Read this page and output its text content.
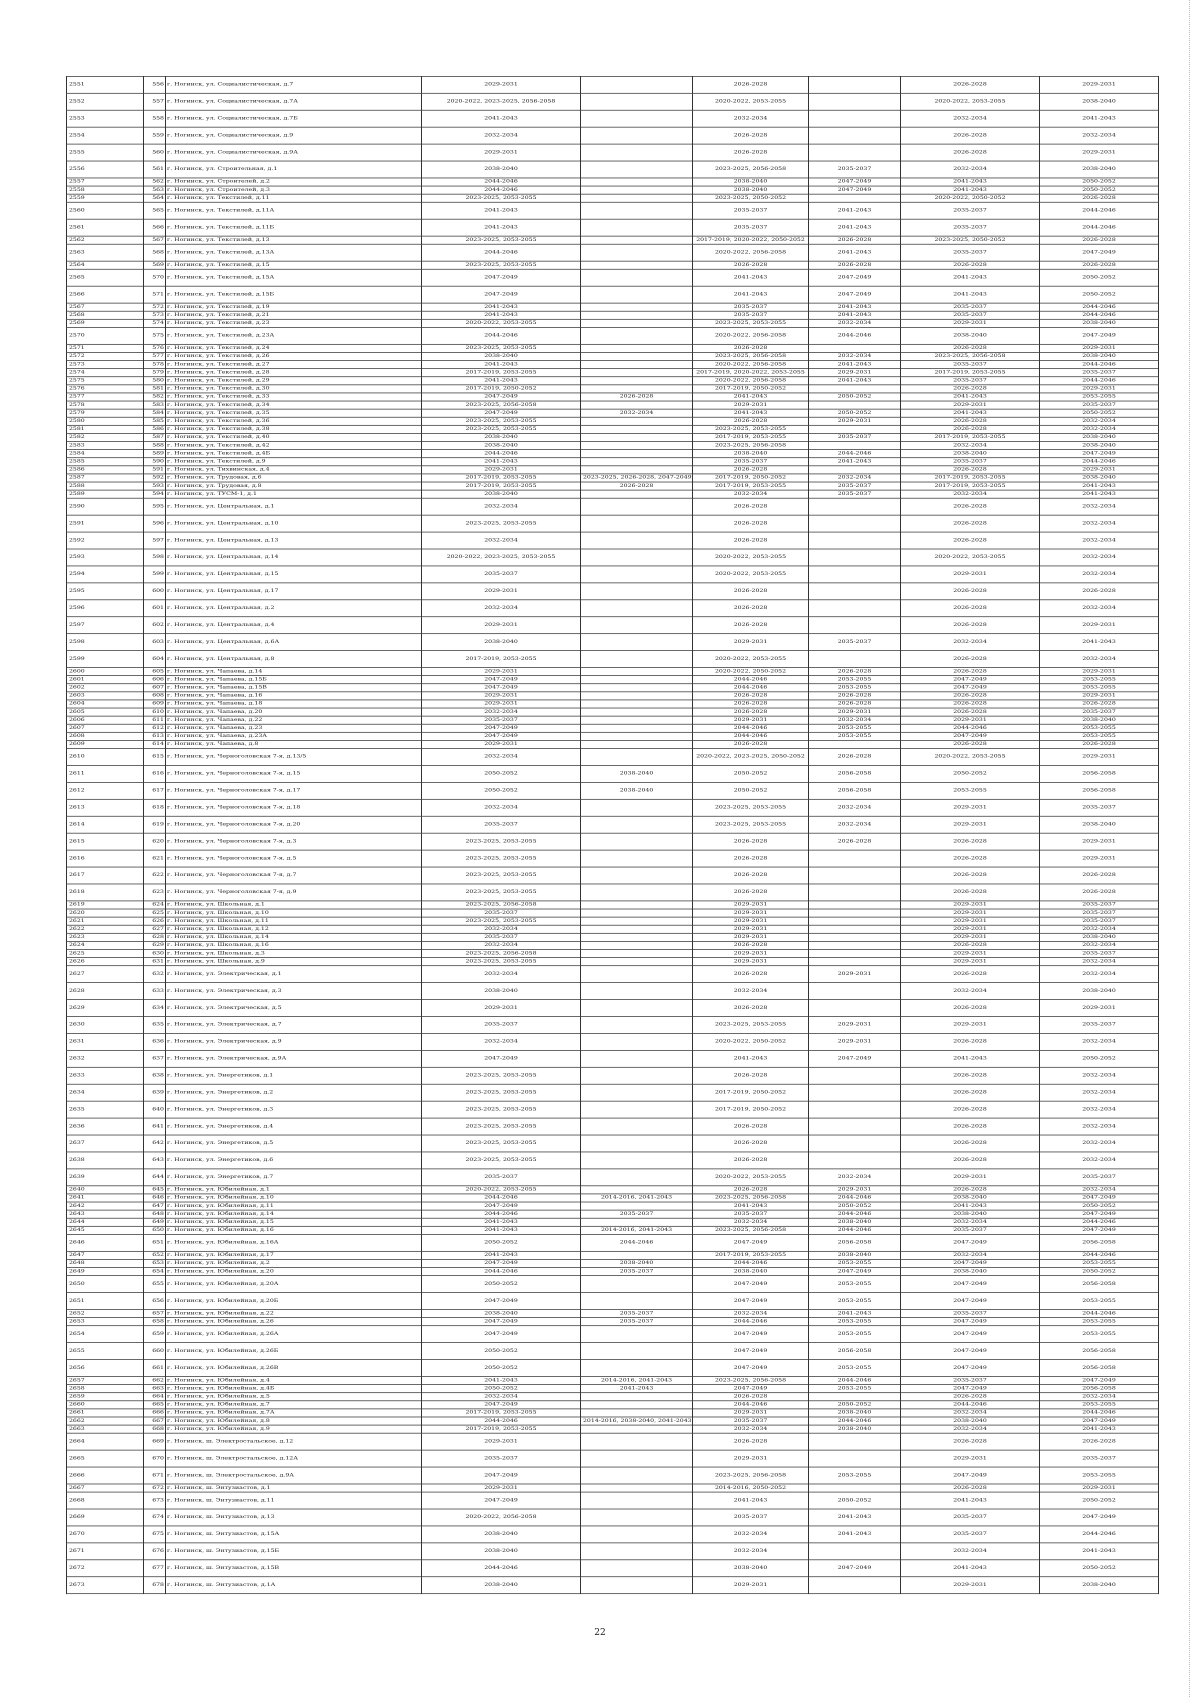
2551	556	г. Ногинск, ул. Социалистическая, д.7	2029-2031		2026-2028		2026-2028	2029-2031
2552	557	г. Ногинск, ул. Социалистическая, д.7А	2020-2022, 2023-2025, 2056-2058		2020-2022, 2053-2055		2020-2022, 2053-2055	2038-2040
2553	558	г. Ногинск, ул. Социалистическая, д.7Б	2041-2043		2032-2034		2032-2034	2041-2043
2554	559	г. Ногинск, ул. Социалистическая, д.9	2032-2034		2026-2028		2026-2028	2032-2034
2555	560	г. Ногинск, ул. Социалистическая, д.9А	2029-2031		2026-2028		2026-2028	2029-2031
2556	561	г. Ногинск, ул. Строительная, д.1	2038-2040		2023-2025, 2056-2058	2035-2037	2032-2034	2038-2040
2557	562	г. Ногинск, ул. Строителей, д.2	2044-2046		2038-2040	2047-2049	2041-2043	2050-2052
2558	563	г. Ногинск, ул. Строителей, д.3	2044-2046		2038-2040	2047-2049	2041-2043	2050-2052
2559	564	г. Ногинск, ул. Текстилей, д.11	2023-2025, 2053-2055		2023-2025, 2050-2052		2020-2022, 2050-2052	2026-2028
2560	565	г. Ногинск, ул. Текстилей, д.11А	2041-2043		2035-2037	2041-2043	2035-2037	2044-2046
2561	566	г. Ногинск, ул. Текстилей, д.11Б	2041-2043		2035-2037	2041-2043	2035-2037	2044-2046
2562	567	г. Ногинск, ул. Текстилей, д.13	2023-2025, 2053-2055		2017-2019, 2020-2022, 2050-2052	2026-2028	2023-2025, 2050-2052	2026-2028
2563	568	г. Ногинск, ул. Текстилей, д.13А	2044-2046		2020-2022, 2056-2058	2041-2043	2035-2037	2047-2049
2564	569	г. Ногинск, ул. Текстилей, д.15	2023-2025, 2053-2055		2026-2028	2026-2028	2026-2028	2026-2028
2565	570	г. Ногинск, ул. Текстилей, д.15А	2047-2049		2041-2043	2047-2049	2041-2043	2050-2052
2566	571	г. Ногинск, ул. Текстилей, д.15Б	2047-2049		2041-2043	2047-2049	2041-2043	2050-2052
2567	572	г. Ногинск, ул. Текстилей, д.19	2041-2043		2035-2037	2041-2043	2035-2037	2044-2046
2568	573	г. Ногинск, ул. Текстилей, д.21	2041-2043		2035-2037	2041-2043	2035-2037	2044-2046
2569	574	г. Ногинск, ул. Текстилей, д.23	2020-2022, 2053-2055		2023-2025, 2053-2055	2032-2034	2029-2031	2038-2040
2570	575	г. Ногинск, ул. Текстилей, д.23А	2044-2046		2020-2022, 2056-2058	2044-2046	2038-2040	2047-2049
2571	576	г. Ногинск, ул. Текстилей, д.24	2023-2025, 2053-2055		2026-2028		2026-2028	2029-2031
2572	577	г. Ногинск, ул. Текстилей, д.26	2038-2040		2023-2025, 2056-2058	2032-2034	2023-2025, 2056-2058	2038-2040
2573	578	г. Ногинск, ул. Текстилей, д.27	2041-2043		2020-2022, 2056-2058	2041-2043	2035-2037	2044-2046
2574	579	г. Ногинск, ул. Текстилей, д.28	2017-2019, 2053-2055		2017-2019, 2020-2022, 2053-2055	2029-2031	2017-2019, 2053-2055	2035-2037
2575	580	г. Ногинск, ул. Текстилей, д.29	2041-2043		2020-2022, 2056-2058	2041-2043	2035-2037	2044-2046
2576	581	г. Ногинск, ул. Текстилей, д.30	2017-2019, 2050-2052		2017-2019, 2050-2052		2026-2028	2029-2031
2577	582	г. Ногинск, ул. Текстилей, д.33	2047-2049	2026-2028	2041-2043	2050-2052	2041-2043	2053-2055
2578	583	г. Ногинск, ул. Текстилей, д.34	2023-2025, 2056-2058		2029-2031		2029-2031	2035-2037
2579	584	г. Ногинск, ул. Текстилей, д.35	2047-2049	2032-2034	2041-2043	2050-2052	2041-2043	2050-2052
2580	585	г. Ногинск, ул. Текстилей, д.36	2023-2025, 2053-2055		2026-2028	2029-2031	2026-2028	2032-2034
2581	586	г. Ногинск, ул. Текстилей, д.38	2023-2025, 2053-2055		2023-2025, 2053-2055		2026-2028	2032-2034
2582	587	г. Ногинск, ул. Текстилей, д.40	2038-2040		2017-2019, 2053-2055	2035-2037	2017-2019, 2053-2055	2038-2040
2583	588	г. Ногинск, ул. Текстилей, д.42	2038-2040		2023-2025, 2056-2058		2032-2034	2038-2040
2584	589	г. Ногинск, ул. Текстилей, д.4Б	2044-2046		2038-2040	2044-2046	2038-2040	2047-2049
2585	590	г. Ногинск, ул. Текстилей, д.9	2041-2043		2035-2037	2041-2043	2035-2037	2044-2046
2586	591	г. Ногинск, ул. Тихвинская, д.4	2029-2031		2026-2028		2026-2028	2029-2031
2587	592	г. Ногинск, ул. Трудовая, д.6	2017-2019, 2053-2055	2023-2025, 2026-2028, 2047-2049	2017-2019, 2050-2052	2032-2034	2017-2019, 2053-2055	2038-2040
2588	593	г. Ногинск, ул. Трудовая, д.8	2017-2019, 2053-2055	2026-2028	2017-2019, 2053-2055	2035-2037	2017-2019, 2053-2055	2041-2043
2589	594	г. Ногинск, ул. ТУСМ-1, д.1	2038-2040		2032-2034	2035-2037	2032-2034	2041-2043
2590	595	г. Ногинск, ул. Центральная, д.1	2032-2034		2026-2028		2026-2028	2032-2034
2591	596	г. Ногинск, ул. Центральная, д.10	2023-2025, 2053-2055		2026-2028		2026-2028	2032-2034
2592	597	г. Ногинск, ул. Центральная, д.13	2032-2034		2026-2028		2026-2028	2032-2034
2593	598	г. Ногинск, ул. Центральная, д.14	2020-2022, 2023-2025, 2053-2055		2020-2022, 2053-2055		2020-2022, 2053-2055	2032-2034
2594	599	г. Ногинск, ул. Центральная, д.15	2035-2037		2020-2022, 2053-2055		2029-2031	2032-2034
2595	600	г. Ногинск, ул. Центральная, д.17	2029-2031		2026-2028		2026-2028	2026-2028
2596	601	г. Ногинск, ул. Центральная, д.2	2032-2034		2026-2028		2026-2028	2032-2034
2597	602	г. Ногинск, ул. Центральная, д.4	2029-2031		2026-2028		2026-2028	2029-2031
2598	603	г. Ногинск, ул. Центральная, д.6А	2038-2040		2029-2031	2035-2037	2032-2034	2041-2043
2599	604	г. Ногинск, ул. Центральная, д.8	2017-2019, 2053-2055		2020-2022, 2053-2055		2026-2028	2032-2034
2600	605	г. Ногинск, ул. Чапаева, д.14	2029-2031		2020-2022, 2050-2052	2026-2028	2026-2028	2029-2031
2601	606	г. Ногинск, ул. Чапаева, д.15Б	2047-2049		2044-2046	2053-2055	2047-2049	2053-2055
2602	607	г. Ногинск, ул. Чапаева, д.15В	2047-2049		2044-2046	2053-2055	2047-2049	2053-2055
2603	608	г. Ногинск, ул. Чапаева, д.16	2029-2031		2026-2028	2026-2028	2026-2028	2029-2031
2604	609	г. Ногинск, ул. Чапаева, д.18	2029-2031		2026-2028	2026-2028	2026-2028	2026-2028
2605	610	г. Ногинск, ул. Чапаева, д.20	2032-2034		2026-2028	2029-2031	2026-2028	2035-2037
2606	611	г. Ногинск, ул. Чапаева, д.22	2035-2037		2029-2031	2032-2034	2029-2031	2038-2040
2607	612	г. Ногинск, ул. Чапаева, д.23	2047-2049		2044-2046	2053-2055	2044-2046	2053-2055
2608	613	г. Ногинск, ул. Чапаева, д.23А	2047-2049		2044-2046	2053-2055	2047-2049	2053-2055
2609	614	г. Ногинск, ул. Чапаева, д.8	2029-2031		2026-2028		2026-2028	2026-2028
2610	615	г. Ногинск, ул. Черноголовская 7-я, д.13/5	2032-2034		2020-2022, 2023-2025, 2050-2052	2026-2028	2020-2022, 2053-2055	2029-2031
2611	616	г. Ногинск, ул. Черноголовская 7-я, д.15	2050-2052	2038-2040	2050-2052	2056-2058	2050-2052	2056-2058
2612	617	г. Ногинск, ул. Черноголовская 7-я, д.17	2050-2052	2038-2040	2050-2052	2056-2058	2053-2055	2056-2058
2613	618	г. Ногинск, ул. Черноголовская 7-я, д.18	2032-2034		2023-2025, 2053-2055	2032-2034	2029-2031	2035-2037
2614	619	г. Ногинск, ул. Черноголовская 7-я, д.20	2035-2037		2023-2025, 2053-2055	2032-2034	2029-2031	2038-2040
2615	620	г. Ногинск, ул. Черноголовская 7-я, д.3	2023-2025, 2053-2055		2026-2028	2026-2028	2026-2028	2029-2031
2616	621	г. Ногинск, ул. Черноголовская 7-я, д.5	2023-2025, 2053-2055		2026-2028		2026-2028	2029-2031
2617	622	г. Ногинск, ул. Черноголовская 7-я, д.7	2023-2025, 2053-2055		2026-2028		2026-2028	2026-2028
2618	623	г. Ногинск, ул. Черноголовская 7-я, д.9	2023-2025, 2053-2055		2026-2028		2026-2028	2026-2028
2619	624	г. Ногинск, ул. Школьная, д.1	2023-2025, 2056-2058		2029-2031		2029-2031	2035-2037
2620	625	г. Ногинск, ул. Школьная, д.10	2035-2037		2029-2031		2029-2031	2035-2037
2621	626	г. Ногинск, ул. Школьная, д.11	2023-2025, 2053-2055		2029-2031		2029-2031	2035-2037
2622	627	г. Ногинск, ул. Школьная, д.12	2032-2034		2029-2031		2029-2031	2032-2034
2623	628	г. Ногинск, ул. Школьная, д.14	2035-2037		2029-2031		2029-2031	2038-2040
2624	629	г. Ногинск, ул. Школьная, д.16	2032-2034		2026-2028		2026-2028	2032-2034
2625	630	г. Ногинск, ул. Школьная, д.3	2023-2025, 2056-2058		2029-2031		2029-2031	2035-2037
2626	631	г. Ногинск, ул. Школьная, д.9	2023-2025, 2053-2055		2029-2031		2029-2031	2032-2034
2627	632	г. Ногинск, ул. Электрическая, д.1	2032-2034		2026-2028	2029-2031	2026-2028	2032-2034
2628	633	г. Ногинск, ул. Электрическая, д.3	2038-2040		2032-2034		2032-2034	2038-2040
2629	634	г. Ногинск, ул. Электрическая, д.5	2029-2031		2026-2028		2026-2028	2029-2031
2630	635	г. Ногинск, ул. Электрическая, д.7	2035-2037		2023-2025, 2053-2055	2029-2031	2029-2031	2035-2037
2631	636	г. Ногинск, ул. Электрическая, д.9	2032-2034		2020-2022, 2050-2052	2029-2031	2026-2028	2032-2034
2632	637	г. Ногинск, ул. Электрическая, д.9А	2047-2049		2041-2043	2047-2049	2041-2043	2050-2052
2633	638	г. Ногинск, ул. Энергетиков, д.1	2023-2025, 2053-2055		2026-2028		2026-2028	2032-2034
2634	639	г. Ногинск, ул. Энергетиков, д.2	2023-2025, 2053-2055		2017-2019, 2050-2052		2026-2028	2032-2034
2635	640	г. Ногинск, ул. Энергетиков, д.3	2023-2025, 2053-2055		2017-2019, 2050-2052		2026-2028	2032-2034
2636	641	г. Ногинск, ул. Энергетиков, д.4	2023-2025, 2053-2055		2026-2028		2026-2028	2032-2034
2637	642	г. Ногинск, ул. Энергетиков, д.5	2023-2025, 2053-2055		2026-2028		2026-2028	2032-2034
2638	643	г. Ногинск, ул. Энергетиков, д.6	2023-2025, 2053-2055		2026-2028		2026-2028	2032-2034
2639	644	г. Ногинск, ул. Энергетиков, д.7	2035-2037		2020-2022, 2053-2055	2032-2034	2029-2031	2035-2037
2640	645	г. Ногинск, ул. Юбилейная, д.1	2020-2022, 2053-2055		2026-2028	2029-2031	2026-2028	2032-2034
2641	646	г. Ногинск, ул. Юбилейная, д.10	2044-2046	2014-2016, 2041-2043	2023-2025, 2056-2058	2044-2046	2038-2040	2047-2049
2642	647	г. Ногинск, ул. Юбилейная, д.11	2047-2049		2041-2043	2050-2052	2041-2043	2050-2052
2643	648	г. Ногинск, ул. Юбилейная, д.14	2044-2046	2035-2037	2035-2037	2044-2046	2038-2040	2047-2049
2644	649	г. Ногинск, ул. Юбилейная, д.15	2041-2043		2032-2034	2038-2040	2032-2034	2044-2046
2645	650	г. Ногинск, ул. Юбилейная, д.16	2041-2043	2014-2016, 2041-2043	2023-2025, 2056-2058	2044-2046	2035-2037	2047-2049
2646	651	г. Ногинск, ул. Юбилейная, д.16А	2050-2052	2044-2046	2047-2049	2056-2058	2047-2049	2056-2058
2647	652	г. Ногинск, ул. Юбилейная, д.17	2041-2043		2017-2019, 2053-2055	2038-2040	2032-2034	2044-2046
2648	653	г. Ногинск, ул. Юбилейная, д.2	2047-2049	2038-2040	2044-2046	2053-2055	2047-2049	2053-2055
2649	654	г. Ногинск, ул. Юбилейная, д.20	2044-2046	2035-2037	2038-2040	2047-2049	2038-2040	2050-2052
2650	655	г. Ногинск, ул. Юбилейная, д.20А	2050-2052		2047-2049	2053-2055	2047-2049	2056-2058
2651	656	г. Ногинск, ул. Юбилейная, д.20Б	2047-2049		2047-2049	2053-2055	2047-2049	2053-2055
2652	657	г. Ногинск, ул. Юбилейная, д.22	2038-2040	2035-2037	2032-2034	2041-2043	2035-2037	2044-2046
2653	658	г. Ногинск, ул. Юбилейная, д.26	2047-2049	2035-2037	2044-2046	2053-2055	2047-2049	2053-2055
2654	659	г. Ногинск, ул. Юбилейная, д.26А	2047-2049		2047-2049	2053-2055	2047-2049	2053-2055
2655	660	г. Ногинск, ул. Юбилейная, д.26Б	2050-2052		2047-2049	2056-2058	2047-2049	2056-2058
2656	661	г. Ногинск, ул. Юбилейная, д.26В	2050-2052		2047-2049	2053-2055	2047-2049	2056-2058
2657	662	г. Ногинск, ул. Юбилейная, д.4	2041-2043	2014-2016, 2041-2043	2023-2025, 2056-2058	2044-2046	2035-2037	2047-2049
2658	663	г. Ногинск, ул. Юбилейная, д.4Б	2050-2052	2041-2043	2047-2049	2053-2055	2047-2049	2056-2058
2659	664	г. Ногинск, ул. Юбилейная, д.5	2032-2034		2026-2028		2026-2028	2032-2034
2660	665	г. Ногинск, ул. Юбилейная, д.7	2047-2049		2044-2046	2050-2052	2044-2046	2053-2055
2661	666	г. Ногинск, ул. Юбилейная, д.7А	2017-2019, 2053-2055		2029-2031	2038-2040	2032-2034	2044-2046
2662	667	г. Ногинск, ул. Юбилейная, д.8	2044-2046	2014-2016, 2038-2040, 2041-2043	2035-2037	2044-2046	2038-2040	2047-2049
2663	668	г. Ногинск, ул. Юбилейная, д.9	2017-2019, 2053-2055		2032-2034	2038-2040	2032-2034	2041-2043
2664	669	г. Ногинск, ш. Электростальское, д.12	2029-2031		2026-2028		2026-2028	2026-2028
2665	670	г. Ногинск, ш. Электростальское, д.12А	2035-2037		2029-2031		2029-2031	2035-2037
2666	671	г. Ногинск, ш. Электростальское, д.9А	2047-2049		2023-2025, 2056-2058	2053-2055	2047-2049	2053-2055
2667	672	г. Ногинск, ш. Энтузиастов, д.1	2029-2031		2014-2016, 2050-2052		2026-2028	2029-2031
2668	673	г. Ногинск, ш. Энтузиастов, д.11	2047-2049		2041-2043	2050-2052	2041-2043	2050-2052
2669	674	г. Ногинск, ш. Энтузиастов, д.13	2020-2022, 2056-2058		2035-2037	2041-2043	2035-2037	2047-2049
2670	675	г. Ногинск, ш. Энтузиастов, д.15А	2038-2040		2032-2034	2041-2043	2035-2037	2044-2046
2671	676	г. Ногинск, ш. Энтузиастов, д.15Б	2038-2040		2032-2034		2032-2034	2041-2043
2672	677	г. Ногинск, ш. Энтузиастов, д.15В	2044-2046		2038-2040	2047-2049	2041-2043	2050-2052
2673	678	г. Ногинск, ш. Энтузиастов, д.1А	2038-2040		2029-2031		2029-2031	2038-2040
22
